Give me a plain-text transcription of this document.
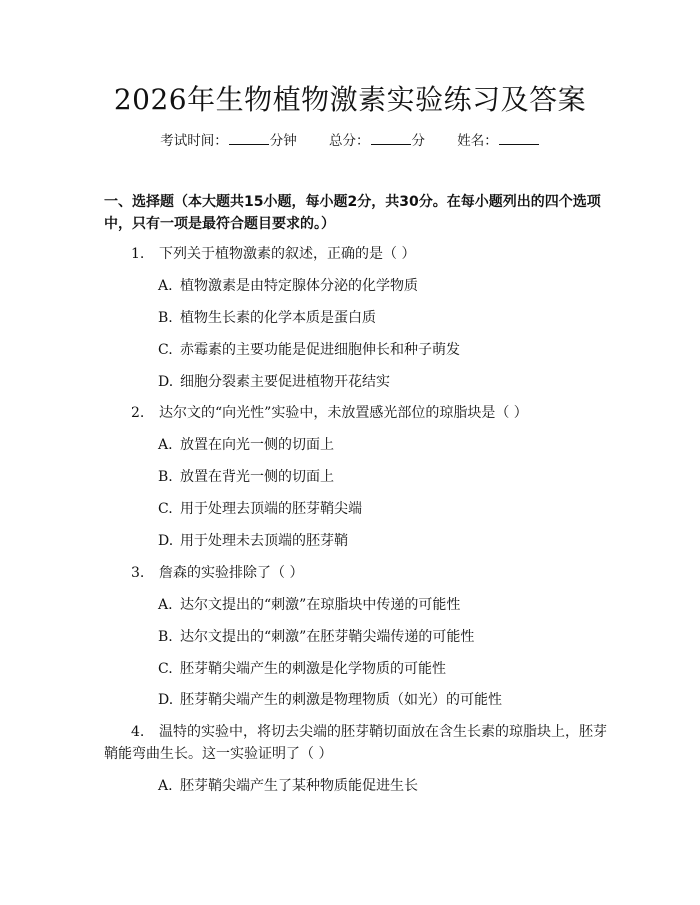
2026年生物植物激素实验练习及答案
考试时间：	分钟 总分：	分 姓名：
一、选择题（本大题共15小题，每小题2分，共30分。在每小题列出的四个选项中，只有一项是最符合题目要求的。）
1. 下列关于植物激素的叙述，正确的是（ ）
A. 植物激素是由特定腺体分泌的化学物质
B. 植物生长素的化学本质是蛋白质
C. 赤霉素的主要功能是促进细胞伸长和种子萌发
D. 细胞分裂素主要促进植物开花结实
2. 达尔文的“向光性”实验中，未放置感光部位的琼脂块是（ ）
A. 放置在向光一侧的切面上
B. 放置在背光一侧的切面上
C. 用于处理去顶端的胚芽鞘尖端
D. 用于处理未去顶端的胚芽鞘
3. 詹森的实验排除了（ ）
A. 达尔文提出的“刺激”在琼脂块中传递的可能性
B. 达尔文提出的“刺激”在胚芽鞘尖端传递的可能性
C. 胚芽鞘尖端产生的刺激是化学物质的可能性
D. 胚芽鞘尖端产生的刺激是物理物质（如光）的可能性
4. 温特的实验中，将切去尖端的胚芽鞘切面放在含生长素的琼脂块上，胚芽
鞘能弯曲生长。这一实验证明了（ ）
A. 胚芽鞘尖端产生了某种物质能促进生长
